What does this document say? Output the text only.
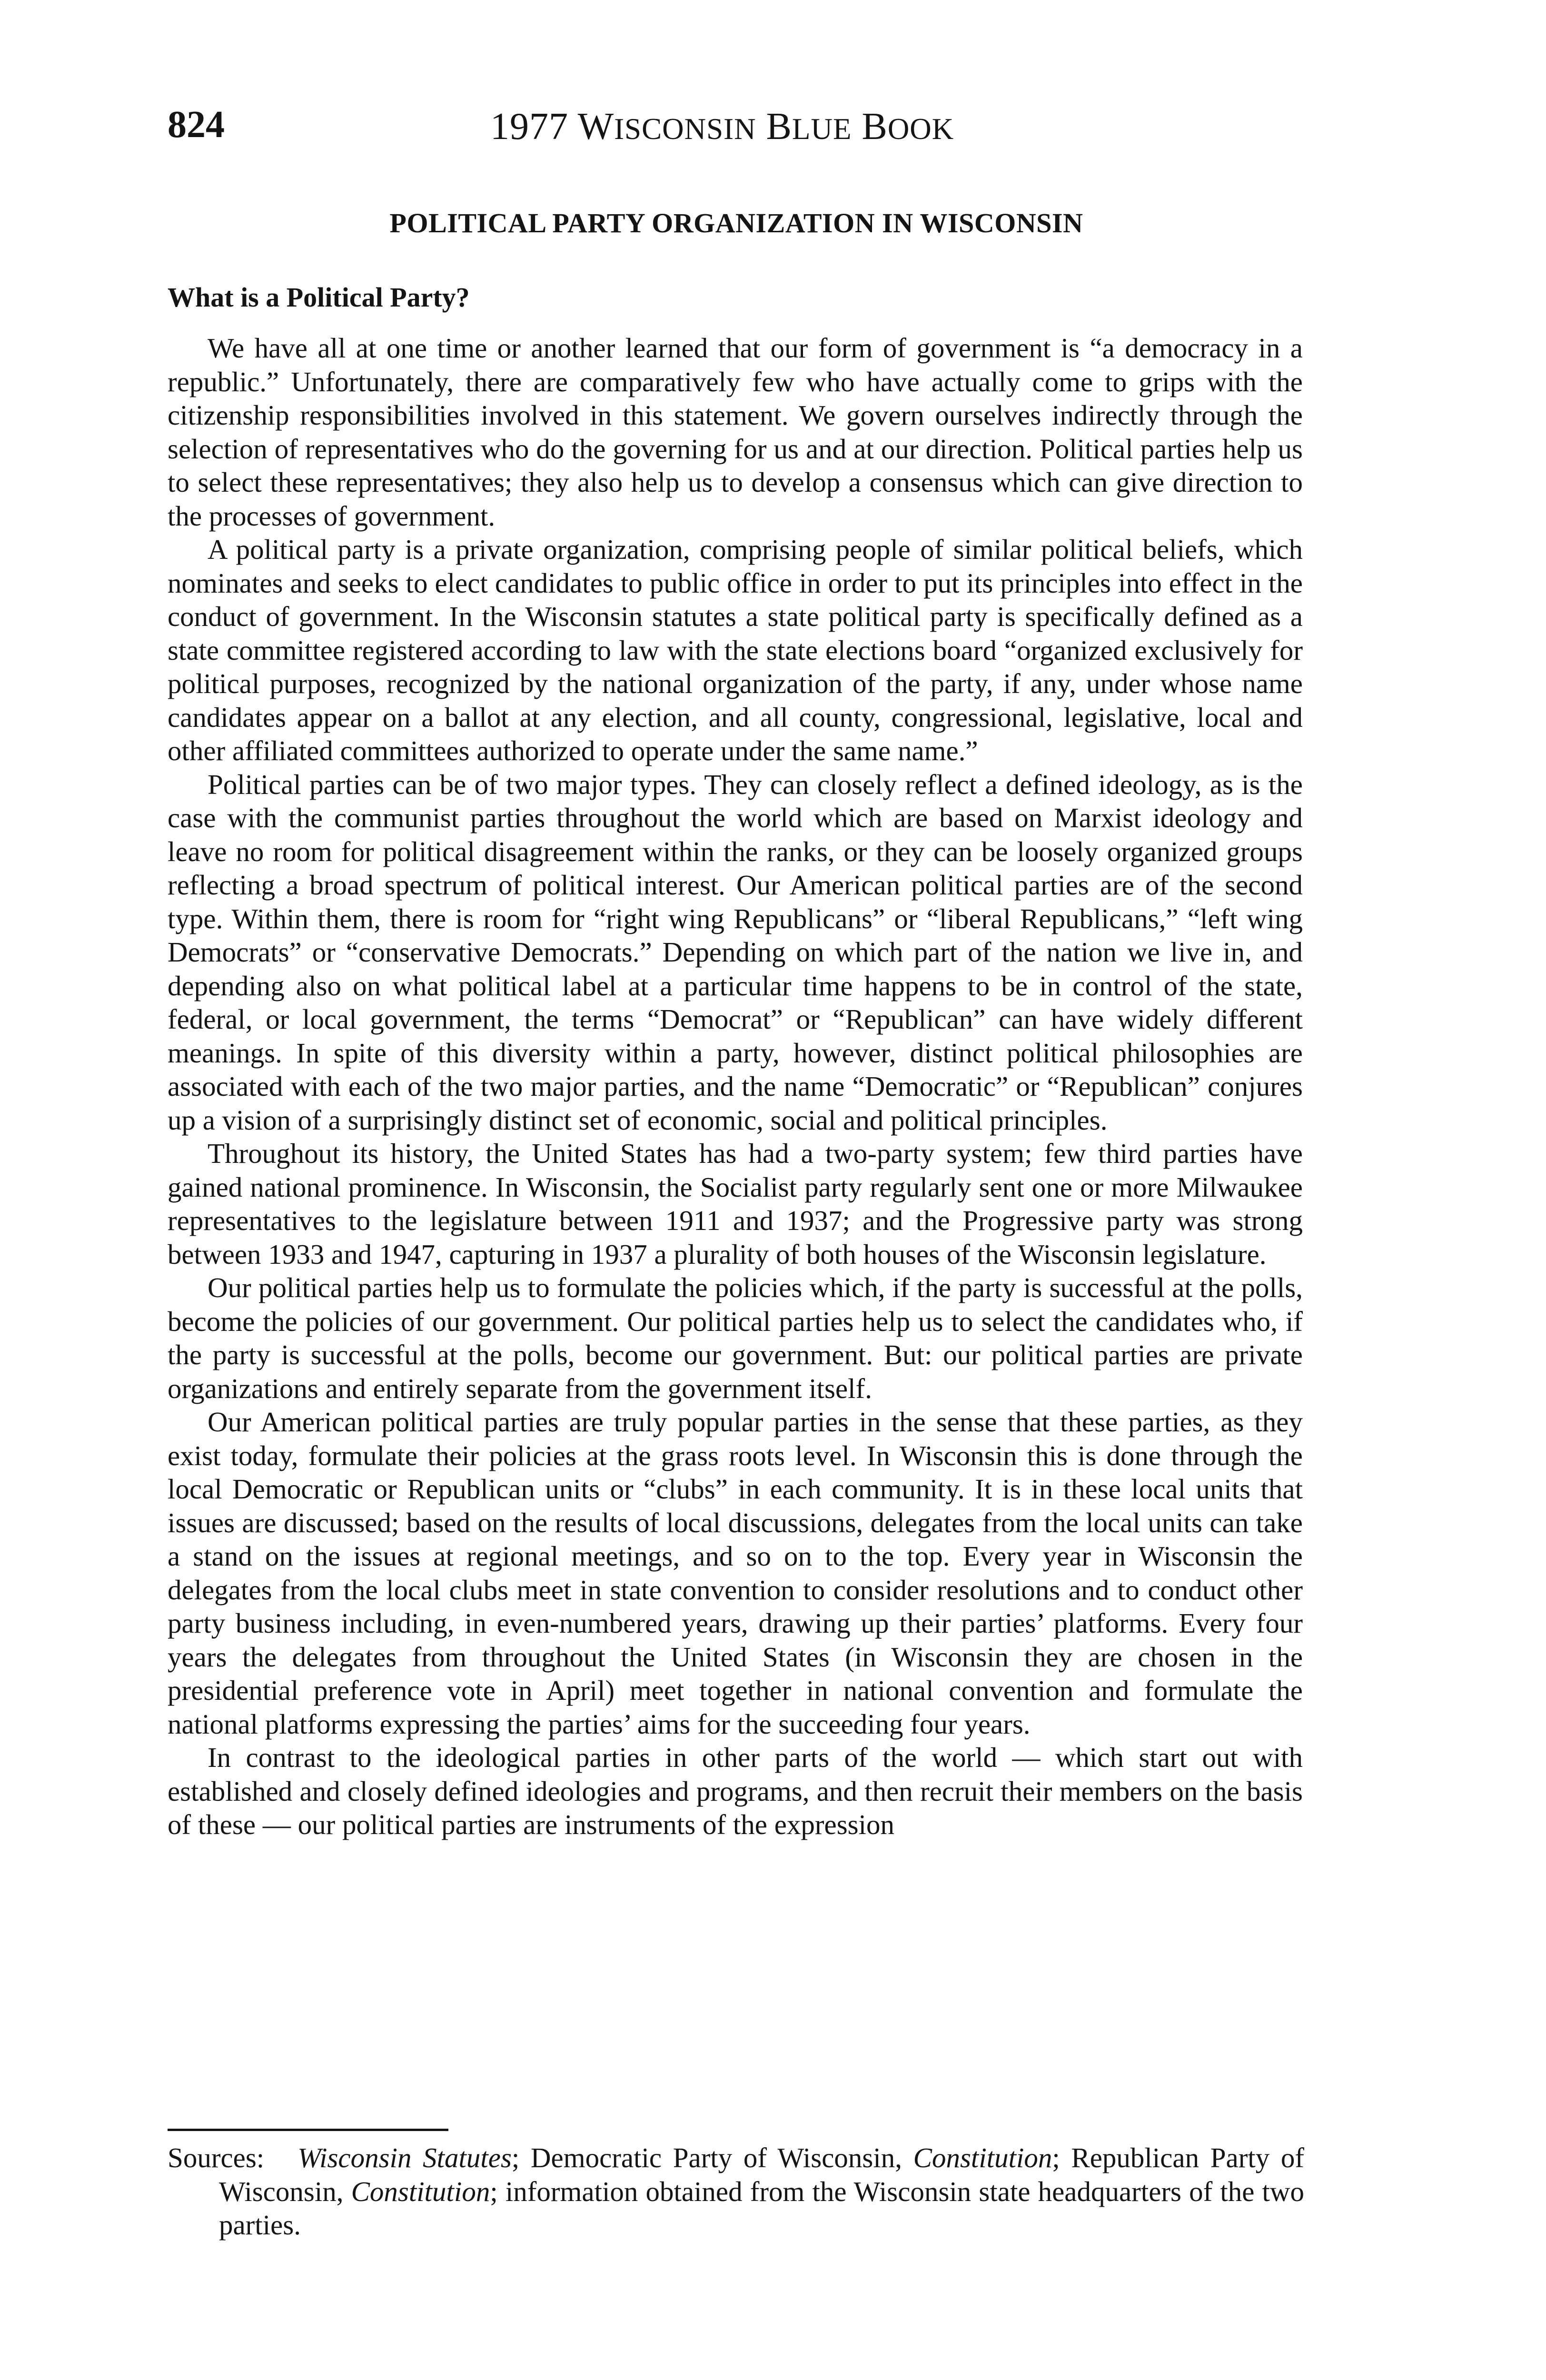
824	1977 WISCONSIN BLUE BOOK
POLITICAL PARTY ORGANIZATION IN WISCONSIN
What is a Political Party?

We have all at one time or another learned that our form of government is “a democracy in a republic.” Unfortunately, there are comparatively few who have actually come to grips with the citizenship responsibilities involved in this statement. We govern ourselves indirectly through the selection of representatives who do the governing for us and at our direction. Political parties help us to select these representatives; they also help us to develop a consensus which can give direction to the processes of government.

A political party is a private organization, comprising people of similar political beliefs, which nominates and seeks to elect candidates to public office in order to put its principles into effect in the conduct of government. In the Wisconsin statutes a state political party is specifically defined as a state committee registered according to law with the state elections board “organized exclusively for political purposes, recognized by the national organization of the party, if any, under whose name candidates appear on a ballot at any election, and all county, congressional, legislative, local and other affiliated committees authorized to operate under the same name.”

Political parties can be of two major types. They can closely reflect a defined ideology, as is the case with the communist parties throughout the world which are based on Marxist ideology and leave no room for political disagreement within the ranks, or they can be loosely organized groups reflecting a broad spectrum of political interest. Our American political parties are of the second type. Within them, there is room for “right wing Republicans” or “liberal Republicans,” “left wing Democrats” or “conservative Democrats.” Depending on which part of the nation we live in, and depending also on what political label at a particular time happens to be in control of the state, federal, or local government, the terms “Democrat” or “Republican” can have widely different meanings. In spite of this diversity within a party, however, distinct political philosophies are associated with each of the two major parties, and the name “Democratic” or “Republican” conjures up a vision of a surprisingly distinct set of economic, social and political principles.

Throughout its history, the United States has had a two-party system; few third parties have gained national prominence. In Wisconsin, the Socialist party regularly sent one or more Milwaukee representatives to the legislature between 1911 and 1937; and the Progressive party was strong between 1933 and 1947, capturing in 1937 a plurality of both houses of the Wisconsin legislature.

Our political parties help us to formulate the policies which, if the party is successful at the polls, become the policies of our government. Our political parties help us to select the candidates who, if the party is successful at the polls, become our government. But: our political parties are private organizations and entirely separate from the government itself.

Our American political parties are truly popular parties in the sense that these parties, as they exist today, formulate their policies at the grass roots level. In Wisconsin this is done through the local Democratic or Republican units or “clubs” in each community. It is in these local units that issues are discussed; based on the results of local discussions, delegates from the local units can take a stand on the issues at regional meetings, and so on to the top. Every year in Wisconsin the delegates from the local clubs meet in state convention to consider resolutions and to conduct other party business including, in even-numbered years, drawing up their parties’ platforms. Every four years the delegates from throughout the United States (in Wisconsin they are chosen in the presidential preference vote in April) meet together in national convention and formulate the national platforms expressing the parties’ aims for the succeeding four years.

In contrast to the ideological parties in other parts of the world — which start out with established and closely defined ideologies and programs, and then recruit their members on the basis of these — our political parties are instruments of the expression

Sources: Wisconsin Statutes; Democratic Party of Wisconsin, Constitution; Republican Party of Wisconsin, Constitution; information obtained from the Wisconsin state headquarters of the two parties.
